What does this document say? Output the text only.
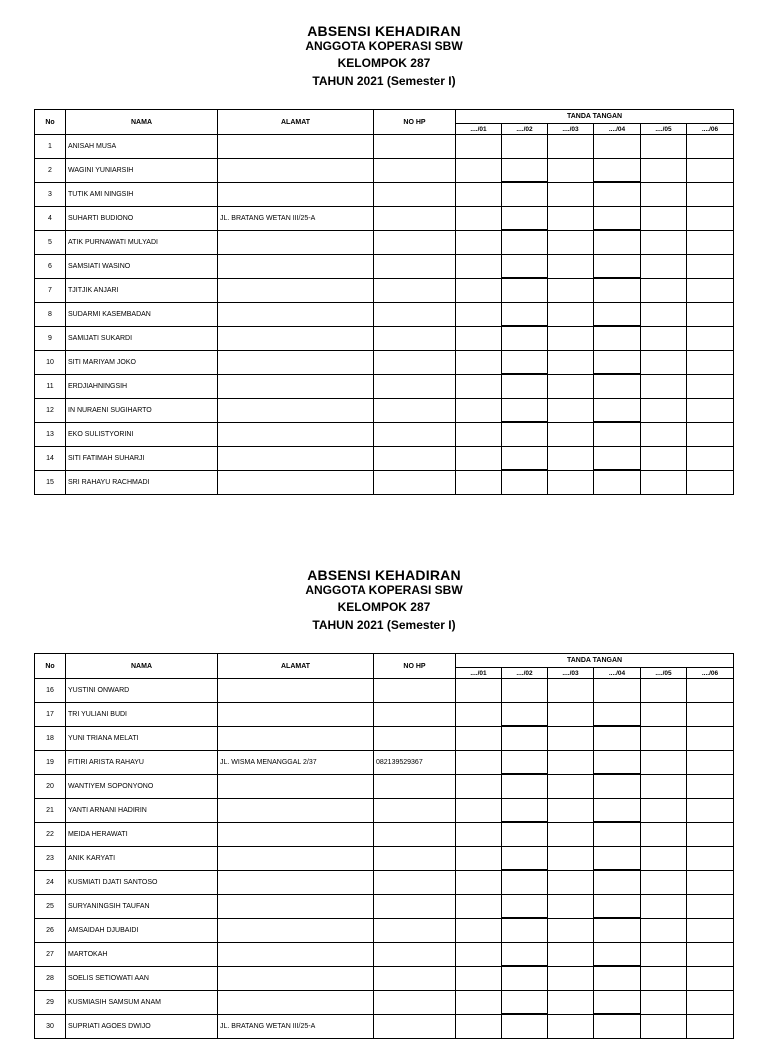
ABSENSI KEHADIRAN
ANGGOTA KOPERASI SBW
KELOMPOK 287
TAHUN 2021 (Semester I)
No	NAMA	ALAMAT	NO HP	TANDA TANGAN					
				..../01	..../02	..../03	..../04	..../05	..../06
1	ANISAH MUSA								
2	WAGINI YUNIARSIH								
3	TUTIK AMI NINGSIH								
4	SUHARTI BUDIONO	JL. BRATANG WETAN III/25-A							
5	ATIK PURNAWATI MULYADI								
6	SAMSIATI WASINO								
7	TJITJIK ANJARI								
8	SUDARMI KASEMBADAN								
9	SAMIJATI SUKARDI								
10	SITI MARIYAM JOKO								
11	ERDJIAHNINGSIH								
12	IN NURAENI SUGIHARTO								
13	EKO SULISTYORINI								
14	SITI FATIMAH SUHARJI								
15	SRI RAHAYU RACHMADI								
ABSENSI KEHADIRAN
ANGGOTA KOPERASI SBW
KELOMPOK 287
TAHUN 2021 (Semester I)
No	NAMA	ALAMAT	NO HP	TANDA TANGAN					
				..../01	..../02	..../03	..../04	..../05	..../06
16	YUSTINI ONWARD								
17	TRI YULIANI BUDI								
18	YUNI TRIANA MELATI								
19	FITIRI ARISTA RAHAYU	JL. WISMA MENANGGAL 2/37	082139529367						
20	WANTIYEM SOPONYONO								
21	YANTI ARNANI HADIRIN								
22	MEIDA HERAWATI								
23	ANIK KARYATI								
24	KUSMIATI DJATI SANTOSO								
25	SURYANINGSIH TAUFAN								
26	AMSAIDAH DJUBAIDI								
27	MARTOKAH								
28	SOELIS SETIOWATI AAN								
29	KUSMIASIH SAMSUM ANAM								
30	SUPRIATI AGOES DWIJO	JL. BRATANG WETAN III/25-A							
